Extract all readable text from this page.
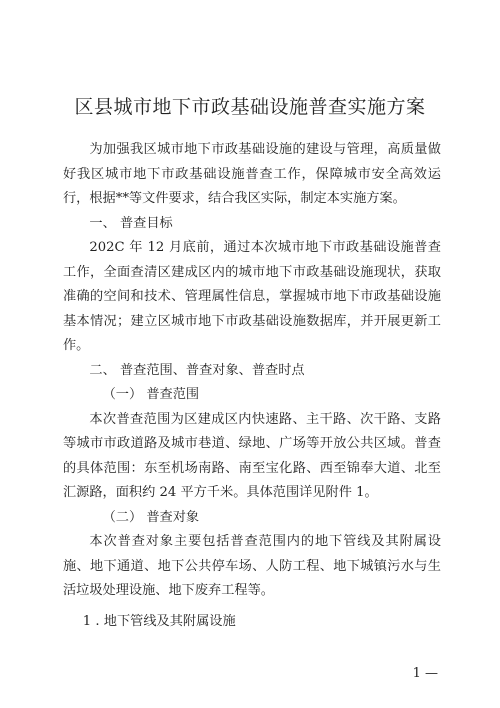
区县城市地下市政基础设施普查实施方案

为加强我区城市地下市政基础设施的建设与管理，高质量做好我区城市地下市政基础设施普查工作，保障城市安全高效运行，根据**等文件要求，结合我区实际，制定本实施方案。

一、 普查目标

202C 年 12 月底前，通过本次城市地下市政基础设施普查工作，全面查清区建成区内的城市地下市政基础设施现状，获取准确的空间和技术、管理属性信息，掌握城市地下市政基础设施基本情况；建立区城市地下市政基础设施数据库，并开展更新工作。

二、 普查范围、普查对象、普查时点

（一） 普查范围

本次普查范围为区建成区内快速路、主干路、次干路、支路等城市市政道路及城市巷道、绿地、广场等开放公共区域。普查的具体范围：东至机场南路、南至宝化路、西至锦奉大道、北至汇源路，面积约 24 平方千米。具体范围详见附件 1。

（二） 普查对象

本次普查对象主要包括普查范围内的地下管线及其附属设施、地下通道、地下公共停车场、人防工程、地下城镇污水与生活垃圾处理设施、地下废弃工程等。

1 . 地下管线及其附属设施

1 —
